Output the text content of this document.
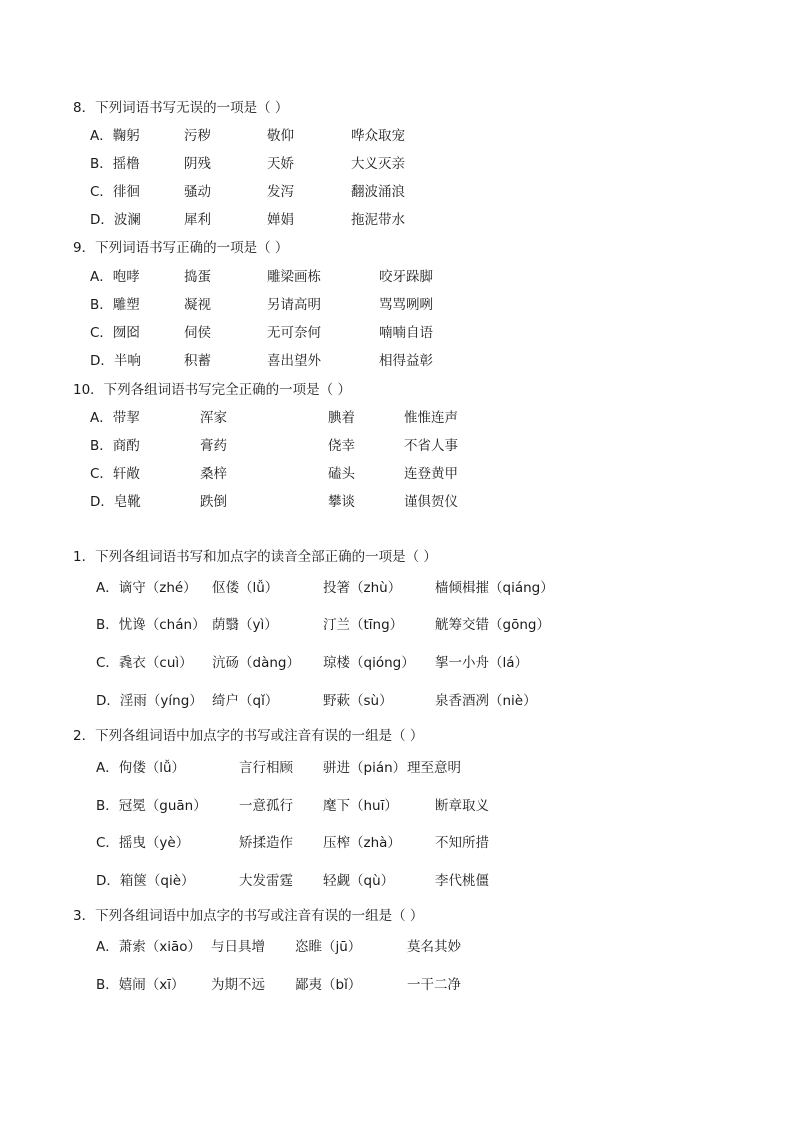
8．下列词语书写无误的一项是（ ）
A．鞠躬	污秽	敬仰	哗众取宠
B．摇橹	阴残	天娇	大义灭亲
C．徘徊	骚动	发泻	翻波涌浪
D．波澜	犀利	婵娟	拖泥带水
9．下列词语书写正确的一项是（ ）
A．咆哮	捣蛋	雕梁画栋	咬牙跺脚
B．雕塑	凝视	另请高明	骂骂咧咧
C．囫囵	伺侯	无可奈何	喃喃自语
D．半响	积蓄	喜出望外	相得益彰
10．下列各组词语书写完全正确的一项是（ ）
A．带挈	浑家	腆着	惟惟连声
B．商酌	膏药	侥幸	不省人事
C．轩敞	桑梓	磕头	连登黄甲
D．皂靴	跌倒	攀谈	谨俱贺仪
1．下列各组词语书写和加点字的读音全部正确的一项是（ ）
A．谪守（zhé） 伛偻（lǚ）	投箸（zhù）	樯倾楫摧（qiáng）
B．忧谗（chán） 荫翳（yì）	汀兰（tīng） 觥筹交错（gōng）
C．毳衣（cuì） 沆砀（dàng） 琼楼（qióng） 挐一小舟（lá）
D．淫雨（yíng） 绮户（qǐ）	野蔌（sù）	泉香酒冽（niè）
2．下列各组词语中加点字的书写或注音有误的一组是（ ）
A．佝偻（lǚ）	言行相顾 骈进（pián） 理至意明
B．冠冕（guān） 一意孤行 麾下（huī）	断章取义
C．摇曳（yè）	矫揉造作 压榨（zhà）	不知所措
D．箱箧（qiè）	大发雷霆 轻觑（qù）	李代桃僵
3．下列各组词语中加点字的书写或注音有误的一组是（ ）
A．萧索（xiāo） 与日具增 恣睢（jū）	莫名其妙
B．嬉闹（xī） 为期不远 鄙夷（bǐ）	一干二净
